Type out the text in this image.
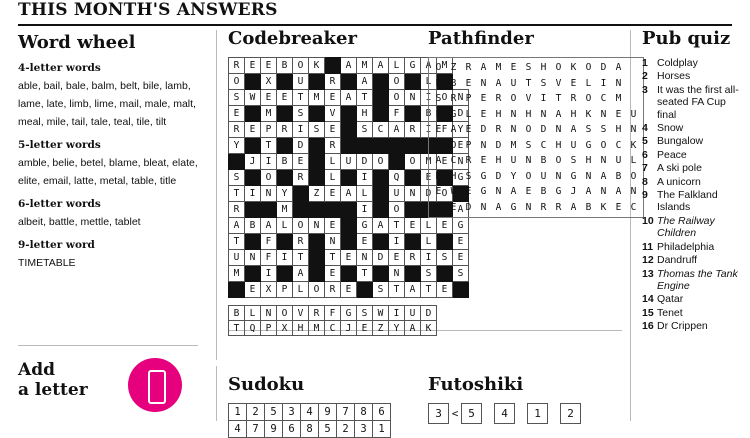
THIS MONTH'S ANSWERS
Word wheel
4-letter words
able, bail, bale, balm, belt, bile, lamb, lame, late, limb, lime, mail, male, malt, meal, mile, tail, tale, teal, tile, tilt
5-letter words
amble, belie, betel, blame, bleat, elate, elite, email, latte, metal, table, title
6-letter words
albeit, battle, mettle, tablet
9-letter word
TIMETABLE
Add
a letter
Codebreaker
R	E	E	B	O	K		A	M	A	L	G	A	M	
O		X		U		R		A		O		L		
S	W	E	E	T	M	E	A	T		O	N	I	O	N
E		M		S		V		H		F		B		D
R	E	P	R	I	S	E		S	C	A	R	I	F	Y
Y		T		D		R								E
	J	I	B	E		L	U	D	O		O	M	E	N
S		O		R		L		I		Q		E		G
T	I	N	Y		Z	E	A	L		U	N	D	O	
R			M					I		O				A
A	B	A	L	O	N	E		G	A	T	E	L	E	G
T		F		R		N		E		I		L		E
U	N	F	I	T		T	E	N	D	E	R	I	S	E
M		I		A		E		T		N		S		S
	E	X	P	L	O	R	E		S	T	A	T	E	
B	L	N	O	V	R	F	G	S	W	I	U	D
T	Q	P	X	H	M	C	J	E	Z	Y	A	K
Pathfinder
O Z R A M E S H O K O D A
E B E N A U T S V E L I N
S R P E R O V I T R O C M
F G L E H N H N A H K N E U
E A E D R N O D N A S S H N
M O P N D M S C H U G O C K
A C R E H U N B O S H N U L
D H S G D Y O U N G N A B O
E W E G N A E B G J A N A N
R E D N A G N R R A B K E C
Pub quiz
1 Coldplay
2 Horses
3 It was the first all-seated FA Cup final
4 Snow
5 Bungalow
6 Peace
7 A ski pole
8 A unicorn
9 The Falkland Islands
10 The Railway Children
11 Philadelphia
12 Dandruff
13 Thomas the Tank Engine
14 Qatar
15 Tenet
16 Dr Crippen
Sudoku
1	2	5	3	4	9	7	8	6
4	7	9	6	8	5	2	3	1
Futoshiki
3 < 5	4	1	2
